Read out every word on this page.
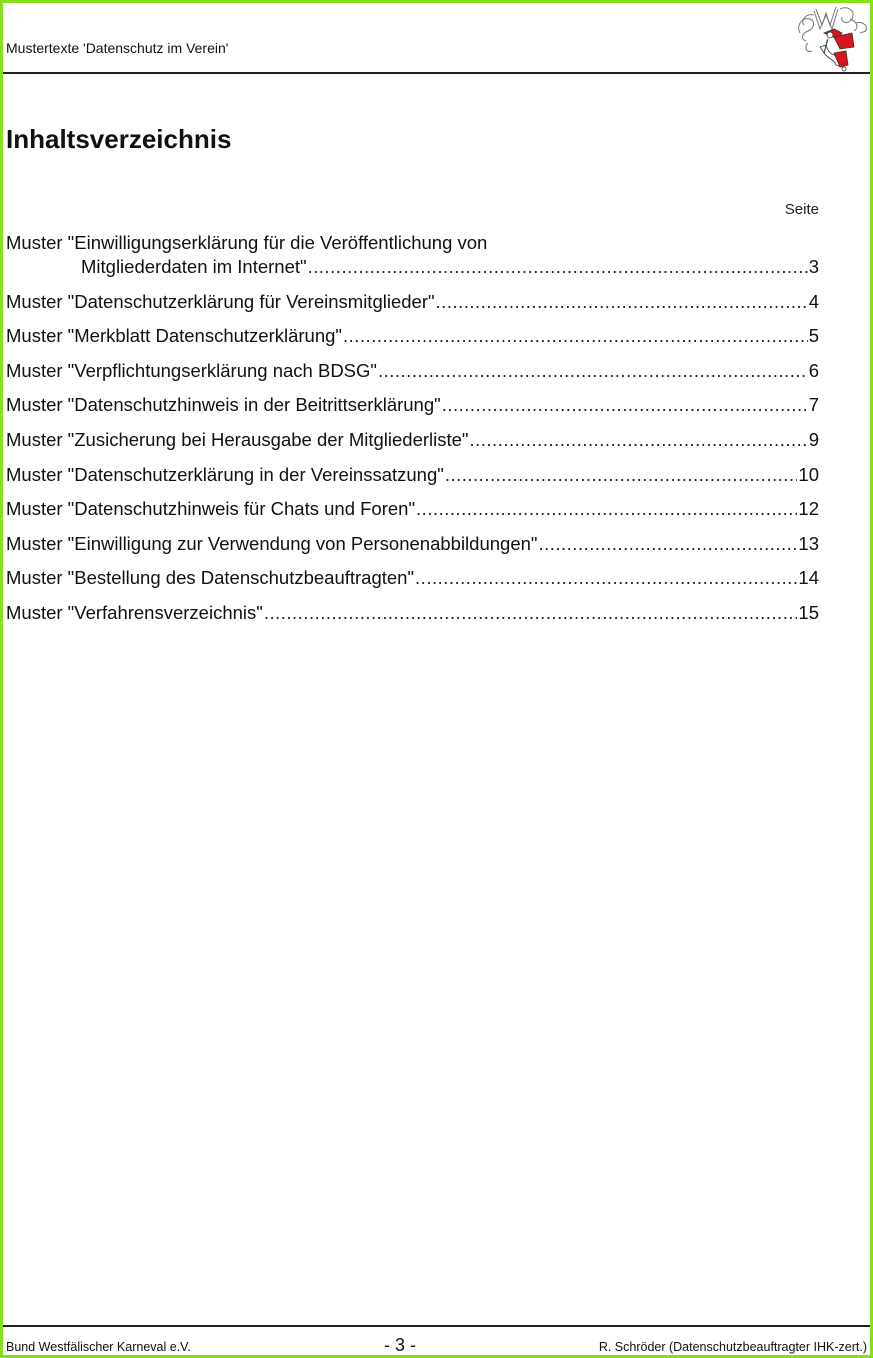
Mustertexte 'Datenschutz im Verein'
Inhaltsverzeichnis
Seite
Muster "Einwilligungserklärung für die Veröffentlichung von
Mitgliederdaten im Internet" .....	3
Muster "Datenschutzerklärung für Vereinsmitglieder" .....	4
Muster "Merkblatt Datenschutzerklärung" .....	5
Muster "Verpflichtungserklärung nach BDSG" .....	6
Muster "Datenschutzhinweis in der Beitrittserklärung" .....	7
Muster "Zusicherung bei Herausgabe der Mitgliederliste" .....	9
Muster "Datenschutzerklärung in der Vereinssatzung" .....	10
Muster "Datenschutzhinweis für Chats und Foren" .....	12
Muster "Einwilligung zur Verwendung von Personenabbildungen" .....	13
Muster "Bestellung des Datenschutzbeauftragten" .....	14
Muster "Verfahrensverzeichnis" .....	15
Bund Westfälischer Karneval e.V.	- 3 -	R. Schröder (Datenschutzbeauftragter IHK-zert.)
